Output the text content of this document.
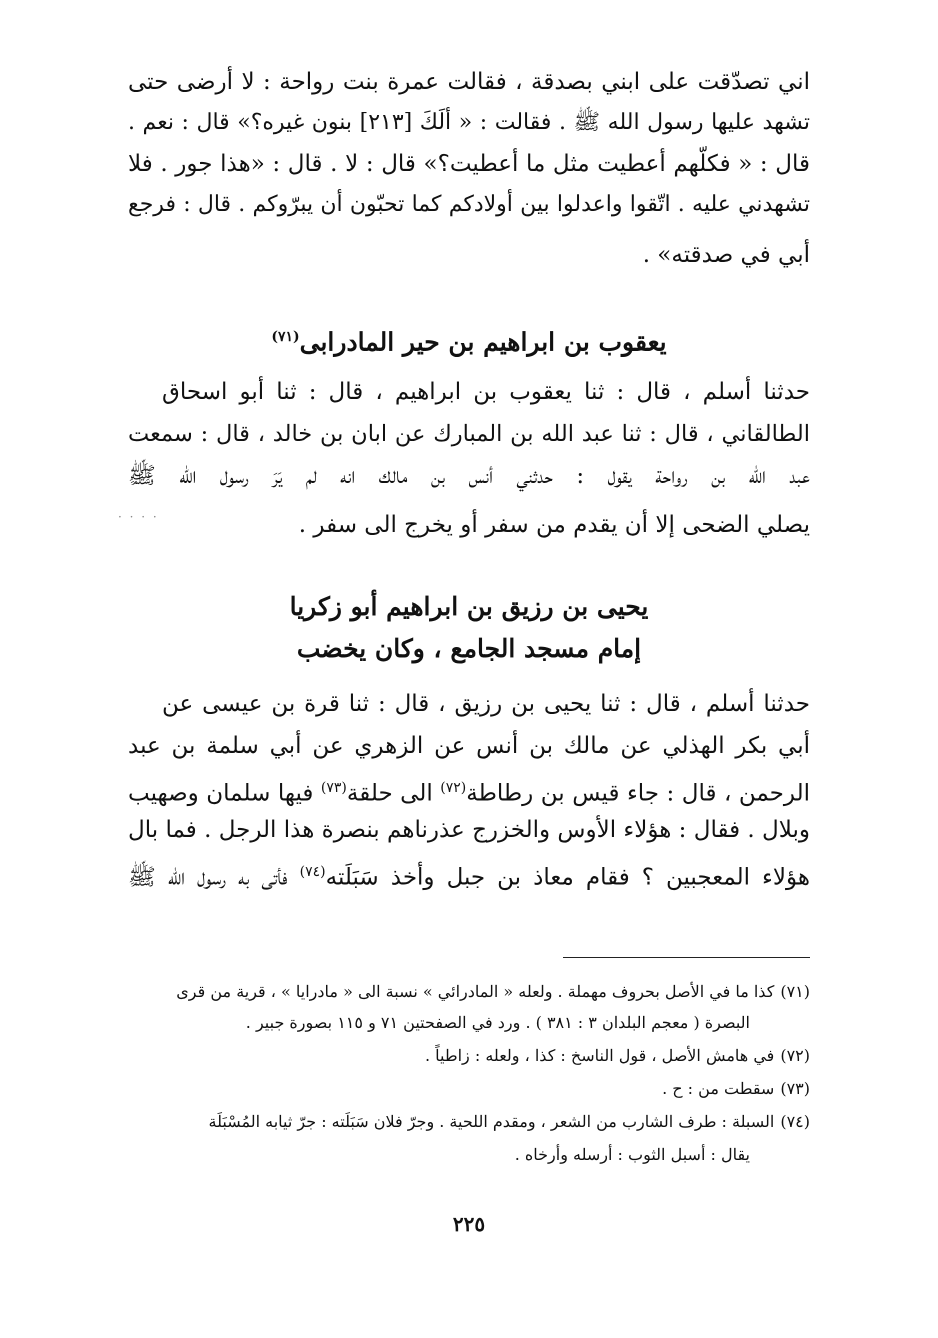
اني تصدّقت على ابني بصدقة ، فقالت عمرة بنت رواحة : لا أرضى حتى
تشهد عليها رسول الله ﷺ . فقالت : « ألَكَ [٢١٣] بنون غيره؟» قال : نعم .
قال : « فكلّهم أعطيت مثل ما أعطيت؟» قال : لا . قال : «هذا جور . فلا
تشهدني عليه . اتّقوا واعدلوا بين أولادكم كما تحبّون أن يبرّوكم . قال : فرجع
أبي في صدقته» .
يعقوب بن ابراهيم بن حير المادرابى$^{(٧١)}$
حدثنا أسلم ، قال : ثنا يعقوب بن ابراهيم ، قال : ثنا أبو اسحاق
الطالقاني ، قال : ثنا عبد الله بن المبارك عن ابان بن خالد ، قال : سمعت
عبد الله بن رواحة يقول : حدثني أنس بن مالك انه لم يَرَ رسول الله ﷺ
يصلي الضحى إلا أن يقدم من سفر أو يخرج الى سفر .
· · · ·
يحيى بن رزيق بن ابراهيم أبو زكريا
إمام مسجد الجامع ، وكان يخضب
حدثنا أسلم ، قال : ثنا يحيى بن رزيق ، قال : ثنا قرة بن عيسى عن
أبي بكر الهذلي عن مالك بن أنس عن الزهري عن أبي سلمة بن عبد
الرحمن ، قال : جاء قيس بن رطاطة$^{(٧٢)}$ الى حلقة$^{(٧٣)}$ فيها سلمان وصهيب
وبلال . فقال : هؤلاء الأوس والخزرج عذرناهم بنصرة هذا الرجل . فما بال
هؤلاء المعجبين ؟ فقام معاذ بن جبل وأخذ سَبَلَته$^{(٧٤)}$ فأتى به رسول الله ﷺ
(٧١)كذا ما في الأصل بحروف مهملة . ولعله « المادرائي » نسبة الى « مادرايا » ، قرية من قرى
البصرة ( معجم البلدان ٣ : ٣٨١ ) . ورد في الصفحتين ٧١ و ١١٥ بصورة جبير .
(٧٢)في هامش الأصل ، قول الناسخ : كذا ، ولعله : زاطياً .
(٧٣)سقطت من : ح .
(٧٤)السبلة : طرف الشارب من الشعر ، ومقدم اللحية . وجرّ فلان سَبَلَته : جرّ ثيابه المُسْبَلَة
يقال : أسبل الثوب : أرسله وأرخاه .
٢٢٥
